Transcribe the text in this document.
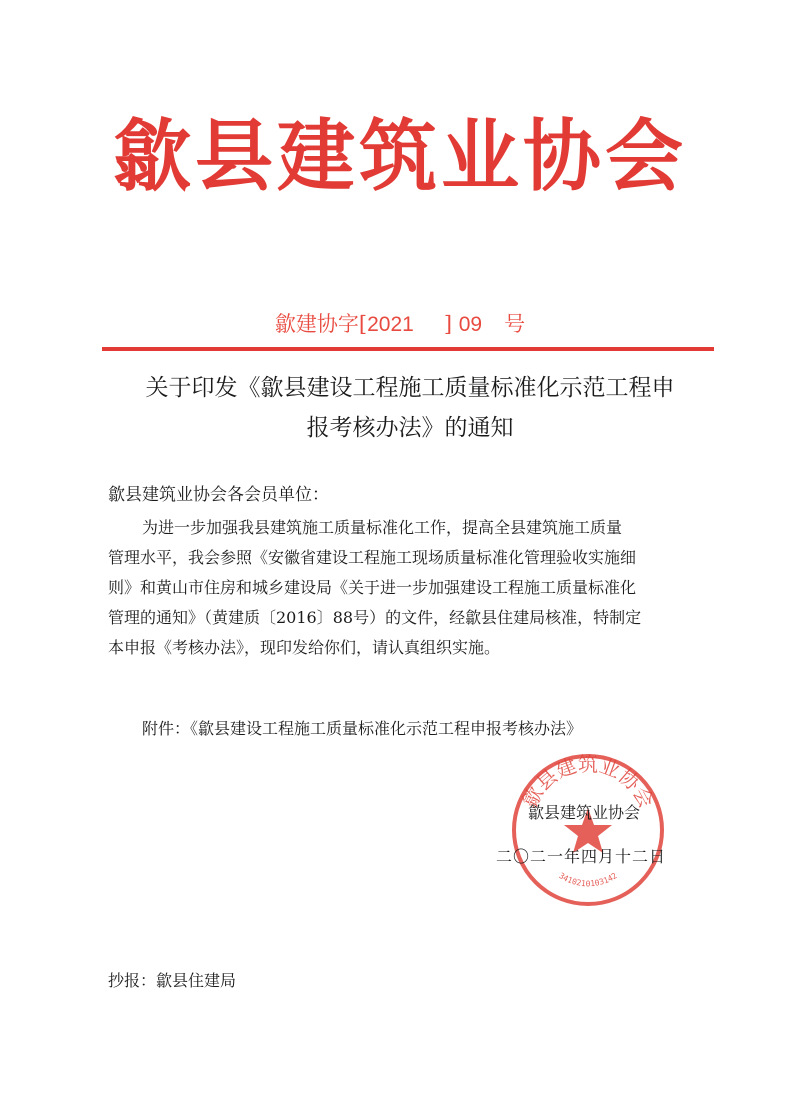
歙县建筑业协会
歙建协字[2021 ] 09 号
关于印发《歙县建设工程施工质量标准化示范工程申
报考核办法》的通知
歙县建筑业协会各会员单位：
为进一步加强我县建筑施工质量标准化工作，提高全县建筑施工质量
管理水平，我会参照《安徽省建设工程施工现场质量标准化管理验收实施细
则》和黄山市住房和城乡建设局《关于进一步加强建设工程施工质量标准化
管理的通知》（黄建质〔2016〕88号）的文件，经歙县住建局核准，特制定
本申报《考核办法》，现印发给你们，请认真组织实施。
附件：《歙县建设工程施工质量标准化示范工程申报考核办法》
歙县建筑业协会
3410210103142
歙县建筑业协会
二〇二一年四月十二日
抄报：歙县住建局
